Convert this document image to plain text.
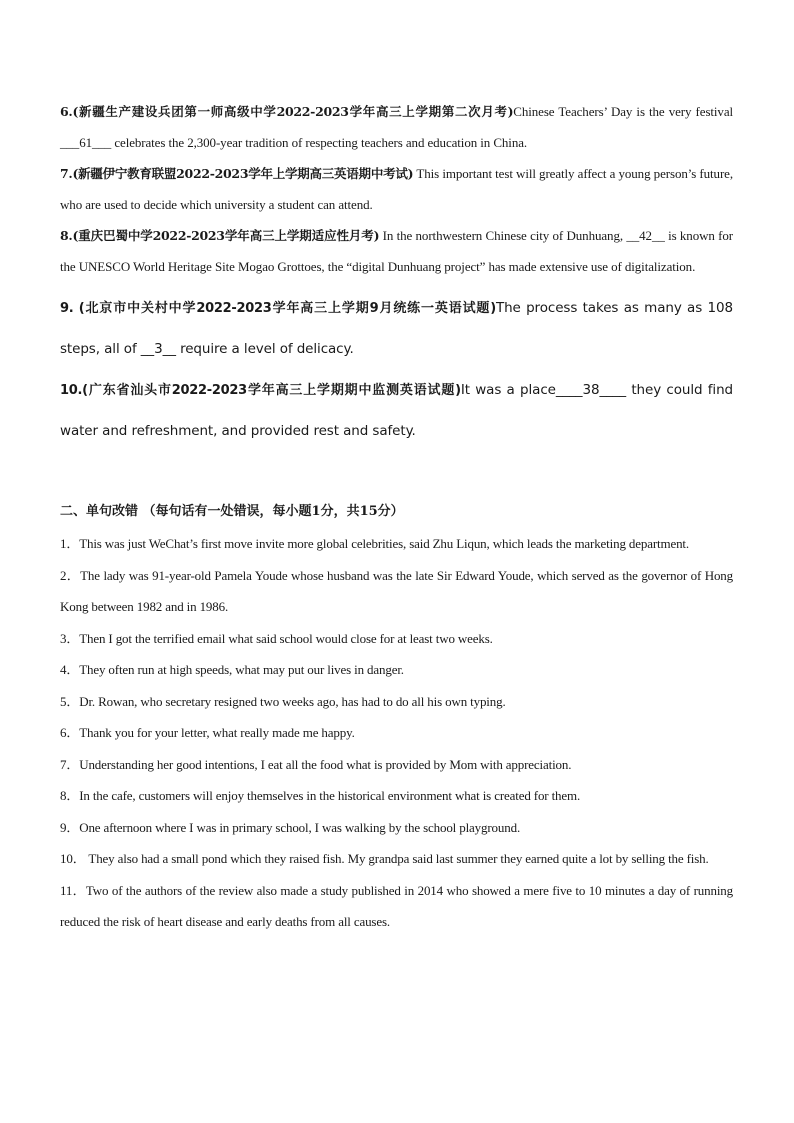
6.(新疆生产建设兵团第一师高级中学2022-2023学年高三上学期第二次月考)Chinese Teachers’ Day is the very festival ___61___ celebrates the 2,300-year tradition of respecting teachers and education in China.

7.(新疆伊宁教育联盟2022-2023学年上学期高三英语期中考试) This important test will greatly affect a young person’s future, who are used to decide which university a student can attend.

8.(重庆巴蜀中学2022-2023学年高三上学期适应性月考) In the northwestern Chinese city of Dunhuang, __42__ is known for the UNESCO World Heritage Site Mogao Grottoes, the “digital Dunhuang project” has made extensive use of digitalization.

9. (北京市中关村中学2022-2023学年高三上学期9月统练一英语试题)The process takes as many as 108 steps, all of __3__ require a level of delicacy.

10.(广东省汕头市2022-2023学年高三上学期期中监测英语试题)It was a place____38____ they could find water and refreshment, and provided rest and safety.

二、单句改错 （每句话有一处错误，每小题1分，共15分）

1．This was just WeChat’s first move invite more global celebrities, said Zhu Liqun, which leads the marketing department.

2．The lady was 91-year-old Pamela Youde whose husband was the late Sir Edward Youde, which served as the governor of Hong Kong between 1982 and in 1986.

3．Then I got the terrified email what said school would close for at least two weeks.

4．They often run at high speeds, what may put our lives in danger.

5．Dr. Rowan, who secretary resigned two weeks ago, has had to do all his own typing.

6．Thank you for your letter, what really made me happy.

7．Understanding her good intentions, I eat all the food what is provided by Mom with appreciation.

8．In the cafe, customers will enjoy themselves in the historical environment what is created for them.

9．One afternoon where I was in primary school, I was walking by the school playground.

10． They also had a small pond which they raised fish. My grandpa said last summer they earned quite a lot by selling the fish.

11．Two of the authors of the review also made a study published in 2014 who showed a mere five to 10 minutes a day of running reduced the risk of heart disease and early deaths from all causes.
